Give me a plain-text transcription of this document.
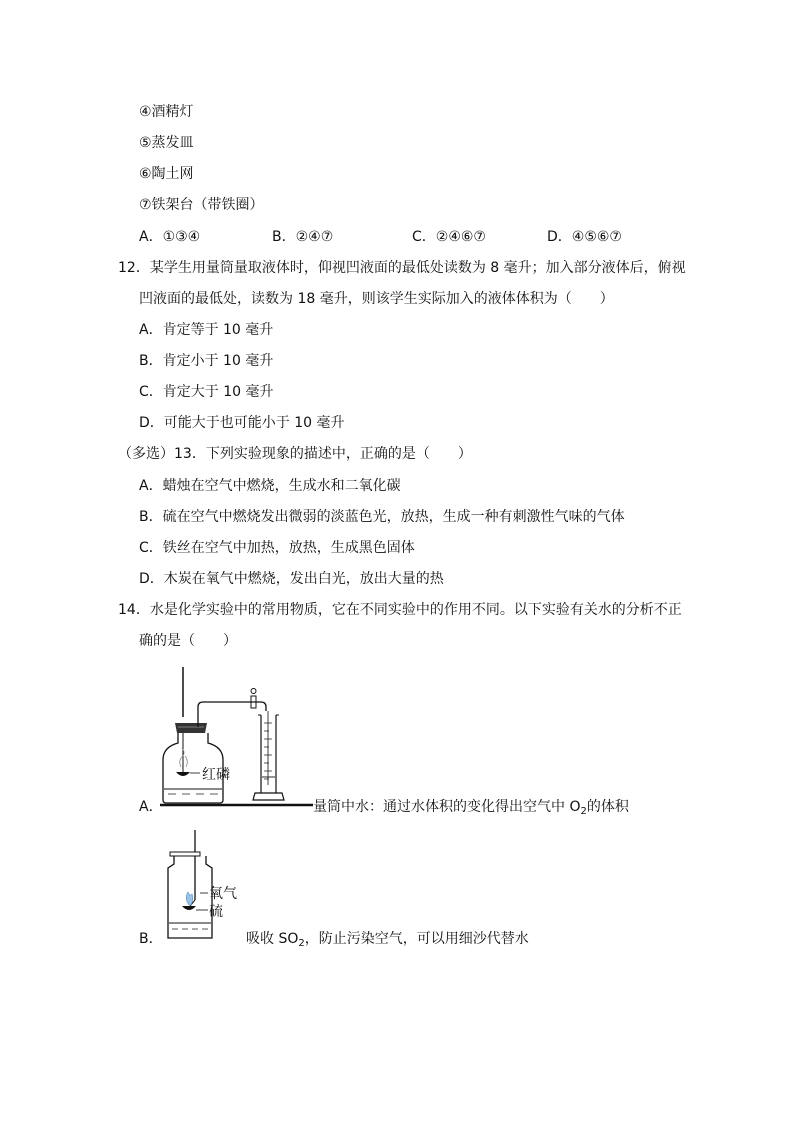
④酒精灯
⑤蒸发皿
⑥陶土网
⑦铁架台（带铁圈）
A．①③④	B．②④⑦	C．②④⑥⑦	D．④⑤⑥⑦
12．某学生用量筒量取液体时，仰视凹液面的最低处读数为 8 毫升；加入部分液体后，俯视
凹液面的最低处，读数为 18 毫升，则该学生实际加入的液体体积为（　　）
A．肯定等于 10 毫升
B．肯定小于 10 毫升
C．肯定大于 10 毫升
D．可能大于也可能小于 10 毫升
（多选）13．下列实验现象的描述中，正确的是（　　）
A．蜡烛在空气中燃烧，生成水和二氧化碳
B．硫在空气中燃烧发出微弱的淡蓝色光，放热，生成一种有刺激性气味的气体
C．铁丝在空气中加热，放热，生成黑色固体
D．木炭在氧气中燃烧，发出白光，放出大量的热
14．水是化学实验中的常用物质，它在不同实验中的作用不同。以下实验有关水的分析不正
确的是（　　）
红磷
A．	量筒中水：通过水体积的变化得出空气中 $O_2$的体积
氧气
硫
B．	吸收 $SO_2$，防止污染空气，可以用细沙代替水
